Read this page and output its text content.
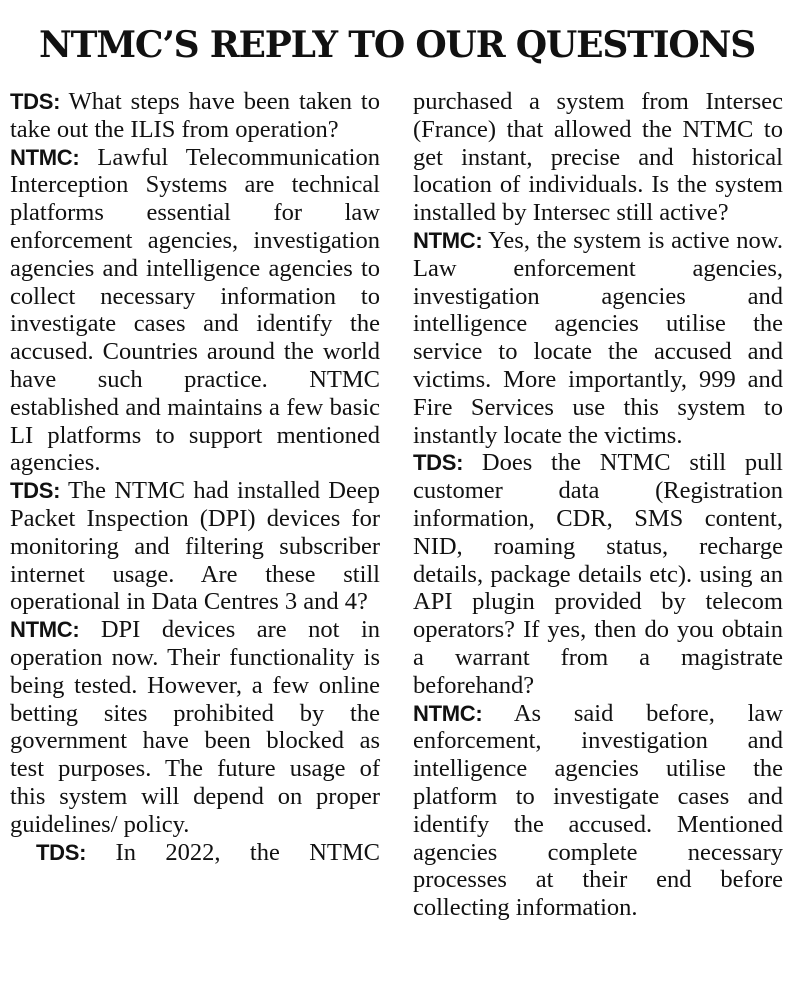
NTMC’S REPLY TO OUR QUESTIONS

TDS: What steps have been taken to take out the ILIS from operation?

NTMC: Lawful Telecommunication Interception Systems are technical platforms essential for law enforcement agencies, investigation agencies and intelligence agencies to collect necessary information to investigate cases and identify the accused. Countries around the world have such practice. NTMC established and maintains a few basic LI platforms to support mentioned agencies.

TDS: The NTMC had installed Deep Packet Inspection (DPI) devices for monitoring and filtering subscriber internet usage. Are these still operational in Data Centres 3 and 4?

NTMC: DPI devices are not in operation now. Their functionality is being tested. However, a few online betting sites prohibited by the government have been blocked as test purposes. The future usage of this system will depend on proper guidelines/ policy.

TDS: In 2022, the NTMC

purchased a system from Intersec (France) that allowed the NTMC to get instant, precise and historical location of individuals. Is the system installed by Intersec still active?

NTMC: Yes, the system is active now. Law enforcement agencies, investigation agencies and intelligence agencies utilise the service to locate the accused and victims. More importantly, 999 and Fire Services use this system to instantly locate the victims.

TDS: Does the NTMC still pull customer data (Registration information, CDR, SMS content, NID, roaming status, recharge details, package details etc). using an API plugin provided by telecom operators? If yes, then do you obtain a warrant from a magistrate beforehand?

NTMC: As said before, law enforcement, investigation and intelligence agencies utilise the platform to investigate cases and identify the accused. Mentioned agencies complete necessary processes at their end before collecting information.
